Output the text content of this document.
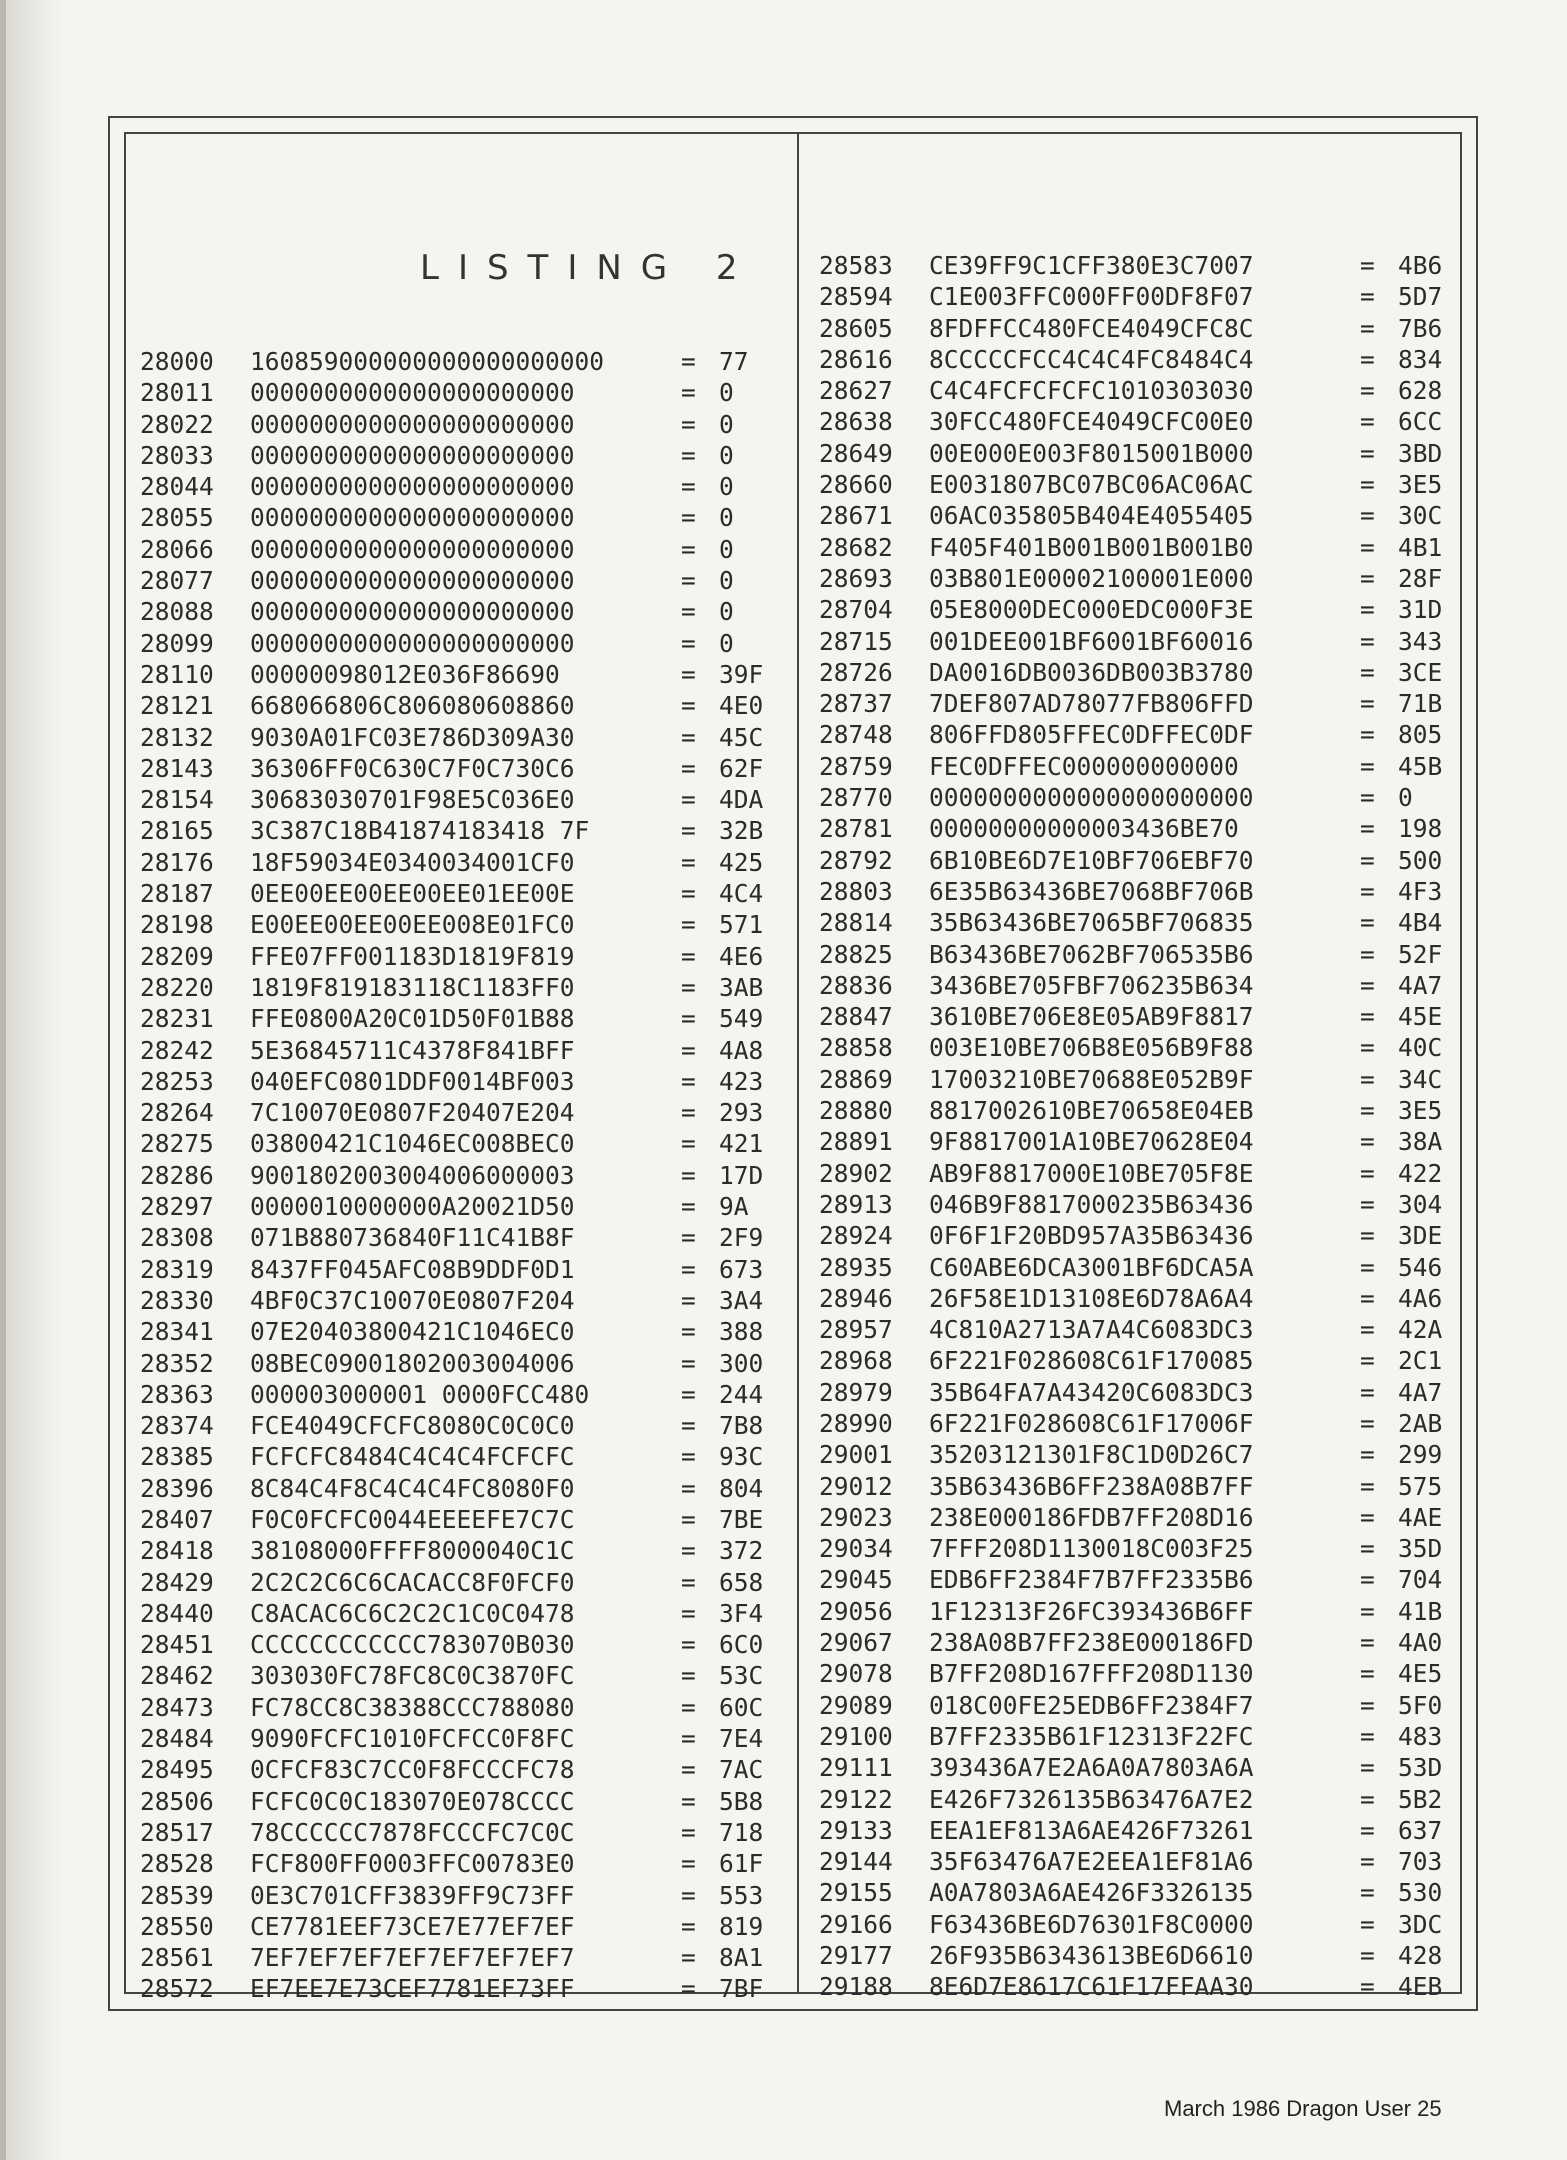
LISTING 2
28000	160859000000000000000000	= 77
28011	0000000000000000000000	= 0
28022	0000000000000000000000	= 0
28033	0000000000000000000000	= 0
28044	0000000000000000000000	= 0
28055	0000000000000000000000	= 0
28066	0000000000000000000000	= 0
28077	0000000000000000000000	= 0
28088	0000000000000000000000	= 0
28099	0000000000000000000000	= 0
28110	00000098012E036F86690	= 39F
28121	668066806C806080608860	= 4E0
28132	9030A01FC03E786D309A30	= 45C
28143	36306FF0C630C7F0C730C6	= 62F
28154	30683030701F98E5C036E0	= 4DA
28165	3C387C18B41874183418 7F	= 32B
28176	18F59034E0340034001CF0	= 425
28187	0EE00EE00EE00EE01EE00E	= 4C4
28198	E00EE00EE00EE008E01FC0	= 571
28209	FFE07FF001183D1819F819	= 4E6
28220	1819F819183118C1183FF0	= 3AB
28231	FFE0800A20C01D50F01B88	= 549
28242	5E36845711C4378F841BFF	= 4A8
28253	040EFC0801DDF0014BF003	= 423
28264	7C10070E0807F20407E204	= 293
28275	03800421C1046EC008BEC0	= 421
28286	9001802003004006000003	= 17D
28297	0000010000000A20021D50	= 9A
28308	071B880736840F11C41B8F	= 2F9
28319	8437FF045AFC08B9DDF0D1	= 673
28330	4BF0C37C10070E0807F204	= 3A4
28341	07E20403800421C1046EC0	= 388
28352	08BEC09001802003004006	= 300
28363	000003000001 0000FCC480	= 244
28374	FCE4049CFCFC8080C0C0C0	= 7B8
28385	FCFCFC8484C4C4C4FCFCFC	= 93C
28396	8C84C4F8C4C4C4FC8080F0	= 804
28407	F0C0FCFC0044EEEEFE7C7C	= 7BE
28418	38108000FFFF8000040C1C	= 372
28429	2C2C2C6C6CACACC8F0FCF0	= 658
28440	C8ACAC6C6C2C2C1C0C0478	= 3F4
28451	CCCCCCCCCCCC783070B030	= 6C0
28462	303030FC78FC8C0C3870FC	= 53C
28473	FC78CC8C38388CCC788080	= 60C
28484	9090FCFC1010FCFCC0F8FC	= 7E4
28495	0CFCF83C7CC0F8FCCCFC78	= 7AC
28506	FCFC0C0C183070E078CCCC	= 5B8
28517	78CCCCCC7878FCCCFC7C0C	= 718
28528	FCF800FF0003FFC00783E0	= 61F
28539	0E3C701CFF3839FF9C73FF	= 553
28550	CE7781EEF73CE7E77EF7EF	= 819
28561	7EF7EF7EF7EF7EF7EF7EF7	= 8A1
28572	EF7EE7E73CEF7781EF73FF	= 7BF
28583	CE39FF9C1CFF380E3C7007	= 4B6
28594	C1E003FFC000FF00DF8F07	= 5D7
28605	8FDFFCC480FCE4049CFC8C	= 7B6
28616	8CCCCCFCC4C4C4FC8484C4	= 834
28627	C4C4FCFCFCFC1010303030	= 628
28638	30FCC480FCE4049CFC00E0	= 6CC
28649	00E000E003F8015001B000	= 3BD
28660	E0031807BC07BC06AC06AC	= 3E5
28671	06AC035805B404E4055405	= 30C
28682	F405F401B001B001B001B0	= 4B1
28693	03B801E00002100001E000	= 28F
28704	05E8000DEC000EDC000F3E	= 31D
28715	001DEE001BF6001BF60016	= 343
28726	DA0016DB0036DB003B3780	= 3CE
28737	7DEF807AD78077FB806FFD	= 71B
28748	806FFD805FFEC0DFFEC0DF	= 805
28759	FEC0DFFEC000000000000	= 45B
28770	0000000000000000000000	= 0
28781	00000000000003436BE70	= 198
28792	6B10BE6D7E10BF706EBF70	= 500
28803	6E35B63436BE7068BF706B	= 4F3
28814	35B63436BE7065BF706835	= 4B4
28825	B63436BE7062BF706535B6	= 52F
28836	3436BE705FBF706235B634	= 4A7
28847	3610BE706E8E05AB9F8817	= 45E
28858	003E10BE706B8E056B9F88	= 40C
28869	17003210BE70688E052B9F	= 34C
28880	8817002610BE70658E04EB	= 3E5
28891	9F8817001A10BE70628E04	= 38A
28902	AB9F8817000E10BE705F8E	= 422
28913	046B9F8817000235B63436	= 304
28924	0F6F1F20BD957A35B63436	= 3DE
28935	C60ABE6DCA3001BF6DCA5A	= 546
28946	26F58E1D13108E6D78A6A4	= 4A6
28957	4C810A2713A7A4C6083DC3	= 42A
28968	6F221F028608C61F170085	= 2C1
28979	35B64FA7A43420C6083DC3	= 4A7
28990	6F221F028608C61F17006F	= 2AB
29001	35203121301F8C1D0D26C7	= 299
29012	35B63436B6FF238A08B7FF	= 575
29023	238E000186FDB7FF208D16	= 4AE
29034	7FFF208D1130018C003F25	= 35D
29045	EDB6FF2384F7B7FF2335B6	= 704
29056	1F12313F26FC393436B6FF	= 41B
29067	238A08B7FF238E000186FD	= 4A0
29078	B7FF208D167FFF208D1130	= 4E5
29089	018C00FE25EDB6FF2384F7	= 5F0
29100	B7FF2335B61F12313F22FC	= 483
29111	393436A7E2A6A0A7803A6A	= 53D
29122	E426F7326135B63476A7E2	= 5B2
29133	EEA1EF813A6AE426F73261	= 637
29144	35F63476A7E2EEA1EF81A6	= 703
29155	A0A7803A6AE426F3326135	= 530
29166	F63436BE6D76301F8C0000	= 3DC
29177	26F935B6343613BE6D6610	= 428
29188	8E6D7E8617C61F17FFAA30	= 4EB
March 1986 Dragon User 25
